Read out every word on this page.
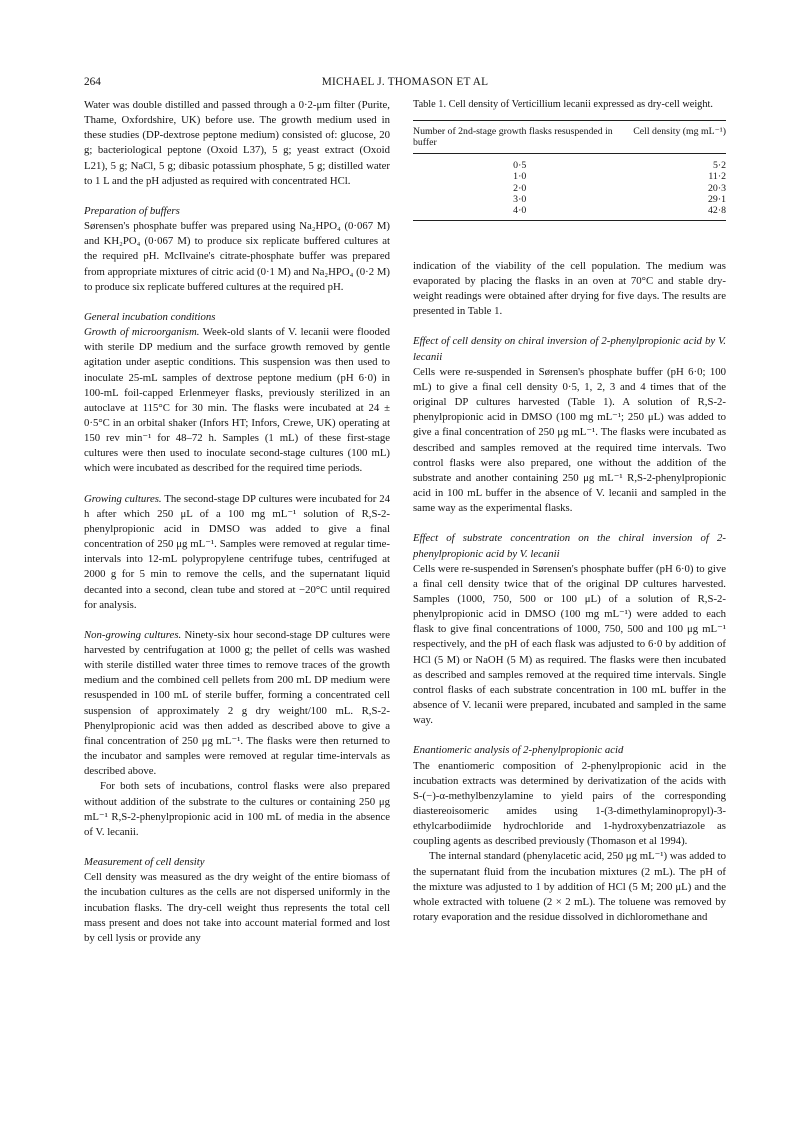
264	MICHAEL J. THOMASON ET AL

Water was double distilled and passed through a 0·2-μm filter (Purite, Thame, Oxfordshire, UK) before use. The growth medium used in these studies (DP-dextrose peptone medium) consisted of: glucose, 20 g; bacteriological peptone (Oxoid L37), 5 g; yeast extract (Oxoid L21), 5 g; NaCl, 5 g; dibasic potassium phosphate, 5 g; distilled water to 1 L and the pH adjusted as required with concentrated HCl.

Preparation of buffers

Sørensen's phosphate buffer was prepared using Na₂HPO₄ (0·067 M) and KH₂PO₄ (0·067 M) to produce six replicate buffered cultures at the required pH. McIlvaine's citrate-phosphate buffer was prepared from appropriate mixtures of citric acid (0·1 M) and Na₂HPO₄ (0·2 M) to produce six replicate buffered cultures at the required pH.

General incubation conditions

Growth of microorganism. Week-old slants of V. lecanii were flooded with sterile DP medium and the surface growth removed by gentle agitation under aseptic conditions. This suspension was then used to inoculate 25-mL samples of dextrose peptone medium (pH 6·0) in 100-mL foil-capped Erlenmeyer flasks, previously sterilized in an autoclave at 115°C for 30 min. The flasks were incubated at 24 ± 0·5°C in an orbital shaker (Infors HT; Infors, Crewe, UK) operating at 150 rev min⁻¹ for 48–72 h. Samples (1 mL) of these first-stage cultures were then used to inoculate second-stage cultures (100 mL) which were incubated as described for the required time periods.

Growing cultures. The second-stage DP cultures were incubated for 24 h after which 250 μL of a 100 mg mL⁻¹ solution of R,S-2-phenylpropionic acid in DMSO was added to give a final concentration of 250 μg mL⁻¹. Samples were removed at regular time-intervals into 12-mL polypropylene centrifuge tubes, centrifuged at 2000 g for 5 min to remove the cells, and the supernatant liquid decanted into a second, clean tube and stored at −20°C until required for analysis.

Non-growing cultures. Ninety-six hour second-stage DP cultures were harvested by centrifugation at 1000 g; the pellet of cells was washed with sterile distilled water three times to remove traces of the growth medium and the combined cell pellets from 200 mL DP medium were resuspended in 100 mL of sterile buffer, forming a concentrated cell suspension of approximately 2 g dry weight/100 mL. R,S-2-Phenylpropionic acid was then added as described above to give a final concentration of 250 μg mL⁻¹. The flasks were then returned to the incubator and samples were removed at regular time-intervals as described above.

For both sets of incubations, control flasks were also prepared without addition of the substrate to the cultures or containing 250 μg mL⁻¹ R,S-2-phenylpropionic acid in 100 mL of media in the absence of V. lecanii.

Measurement of cell density

Cell density was measured as the dry weight of the entire biomass of the incubation cultures as the cells are not dispersed uniformly in the incubation flasks. The dry-cell weight thus represents the total cell mass present and does not take into account material formed and lost by cell lysis or provide any

Table 1. Cell density of Verticillium lecanii expressed as dry-cell weight.

Number of 2nd-stage growth flasks resuspended in buffer	Cell density (mg mL⁻¹)

0·5	5·2
1·0	11·2
2·0	20·3
3·0	29·1
4·0	42·8

indication of the viability of the cell population. The medium was evaporated by placing the flasks in an oven at 70°C and stable dry-weight readings were obtained after drying for five days. The results are presented in Table 1.

Effect of cell density on chiral inversion of 2-phenylpropionic acid by V. lecanii

Cells were re-suspended in Sørensen's phosphate buffer (pH 6·0; 100 mL) to give a final cell density 0·5, 1, 2, 3 and 4 times that of the original DP cultures harvested (Table 1). A solution of R,S-2-phenylpropionic acid in DMSO (100 mg mL⁻¹; 250 μL) was added to give a final concentration of 250 μg mL⁻¹. The flasks were incubated as described and samples removed at the required time intervals. Two control flasks were also prepared, one without the addition of the substrate and another containing 250 μg mL⁻¹ R,S-2-phenylpropionic acid in 100 mL buffer in the absence of V. lecanii and sampled in the same way as the experimental flasks.

Effect of substrate concentration on the chiral inversion of 2-phenylpropionic acid by V. lecanii

Cells were re-suspended in Sørensen's phosphate buffer (pH 6·0) to give a final cell density twice that of the original DP cultures harvested. Samples (1000, 750, 500 or 100 μL) of a solution of R,S-2-phenylpropionic acid in DMSO (100 mg mL⁻¹) were added to each flask to give final concentrations of 1000, 750, 500 and 100 μg mL⁻¹ respectively, and the pH of each flask was adjusted to 6·0 by addition of HCl (5 M) or NaOH (5 M) as required. The flasks were then incubated as described and samples removed at the required time intervals. Single control flasks of each substrate concentration in 100 mL buffer in the absence of V. lecanii were prepared, incubated and sampled in the same way.

Enantiomeric analysis of 2-phenylpropionic acid

The enantiomeric composition of 2-phenylpropionic acid in the incubation extracts was determined by derivatization of the acids with S-(−)-α-methylbenzylamine to yield pairs of the corresponding diastereoisomeric amides using 1-(3-dimethylaminopropyl)-3-ethylcarbodiimide hydrochloride and 1-hydroxybenzatriazole as coupling agents as described previously (Thomason et al 1994).

The internal standard (phenylacetic acid, 250 μg mL⁻¹) was added to the supernatant fluid from the incubation mixtures (2 mL). The pH of the mixture was adjusted to 1 by addition of HCl (5 M; 200 μL) and the whole extracted with toluene (2 × 2 mL). The toluene was removed by rotary evaporation and the residue dissolved in dichloromethane and
